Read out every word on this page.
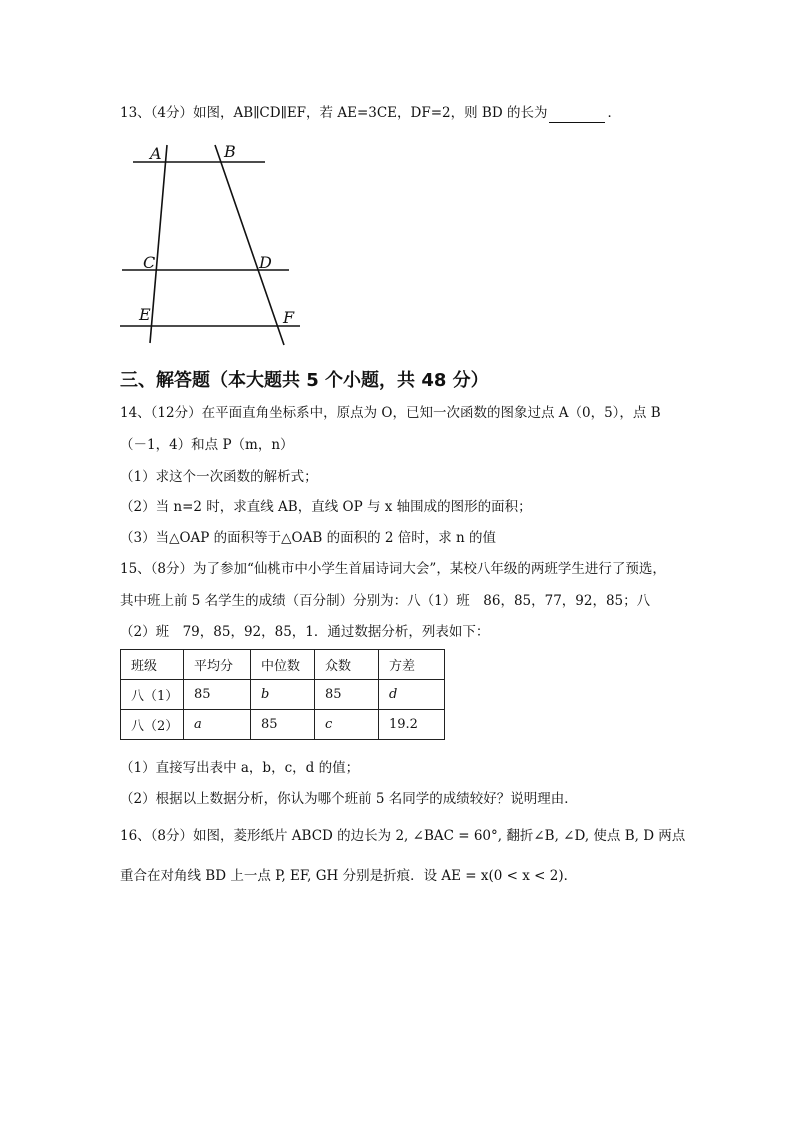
13、（4分）如图，AB∥CD∥EF，若 AE=3CE，DF=2，则 BD 的长为	．
A	B
C	D
E	F
三、解答题（本大题共 5 个小题，共 48 分）
14、（12分）在平面直角坐标系中，原点为 O，已知一次函数的图象过点 A（0，5），点 B
（－1，4）和点 P（m，n）
（1）求这个一次函数的解析式；
（2）当 n=2 时，求直线 AB，直线 OP 与 x 轴围成的图形的面积；
（3）当△OAP 的面积等于△OAB 的面积的 2 倍时，求 n 的值
15、（8分）为了参加“仙桃市中小学生首届诗词大会”，某校八年级的两班学生进行了预选，
其中班上前 5 名学生的成绩（百分制）分别为：八（1）班　86，85，77，92，85；八
（2）班　79，85，92，85，1．通过数据分析，列表如下：
班级	平均分	中位数	众数	方差
八（1）	85	b	85	d
八（2）	a	85	c	19.2
（1）直接写出表中 a，b，c，d 的值；
（2）根据以上数据分析，你认为哪个班前 5 名同学的成绩较好？说明理由．
16、（8分）如图，菱形纸片 ABCD 的边长为 2, ∠BAC = 60°, 翻折∠B, ∠D, 使点 B, D 两点
重合在对角线 BD 上一点 P, EF, GH 分别是折痕．设 AE = x(0 < x < 2)．
